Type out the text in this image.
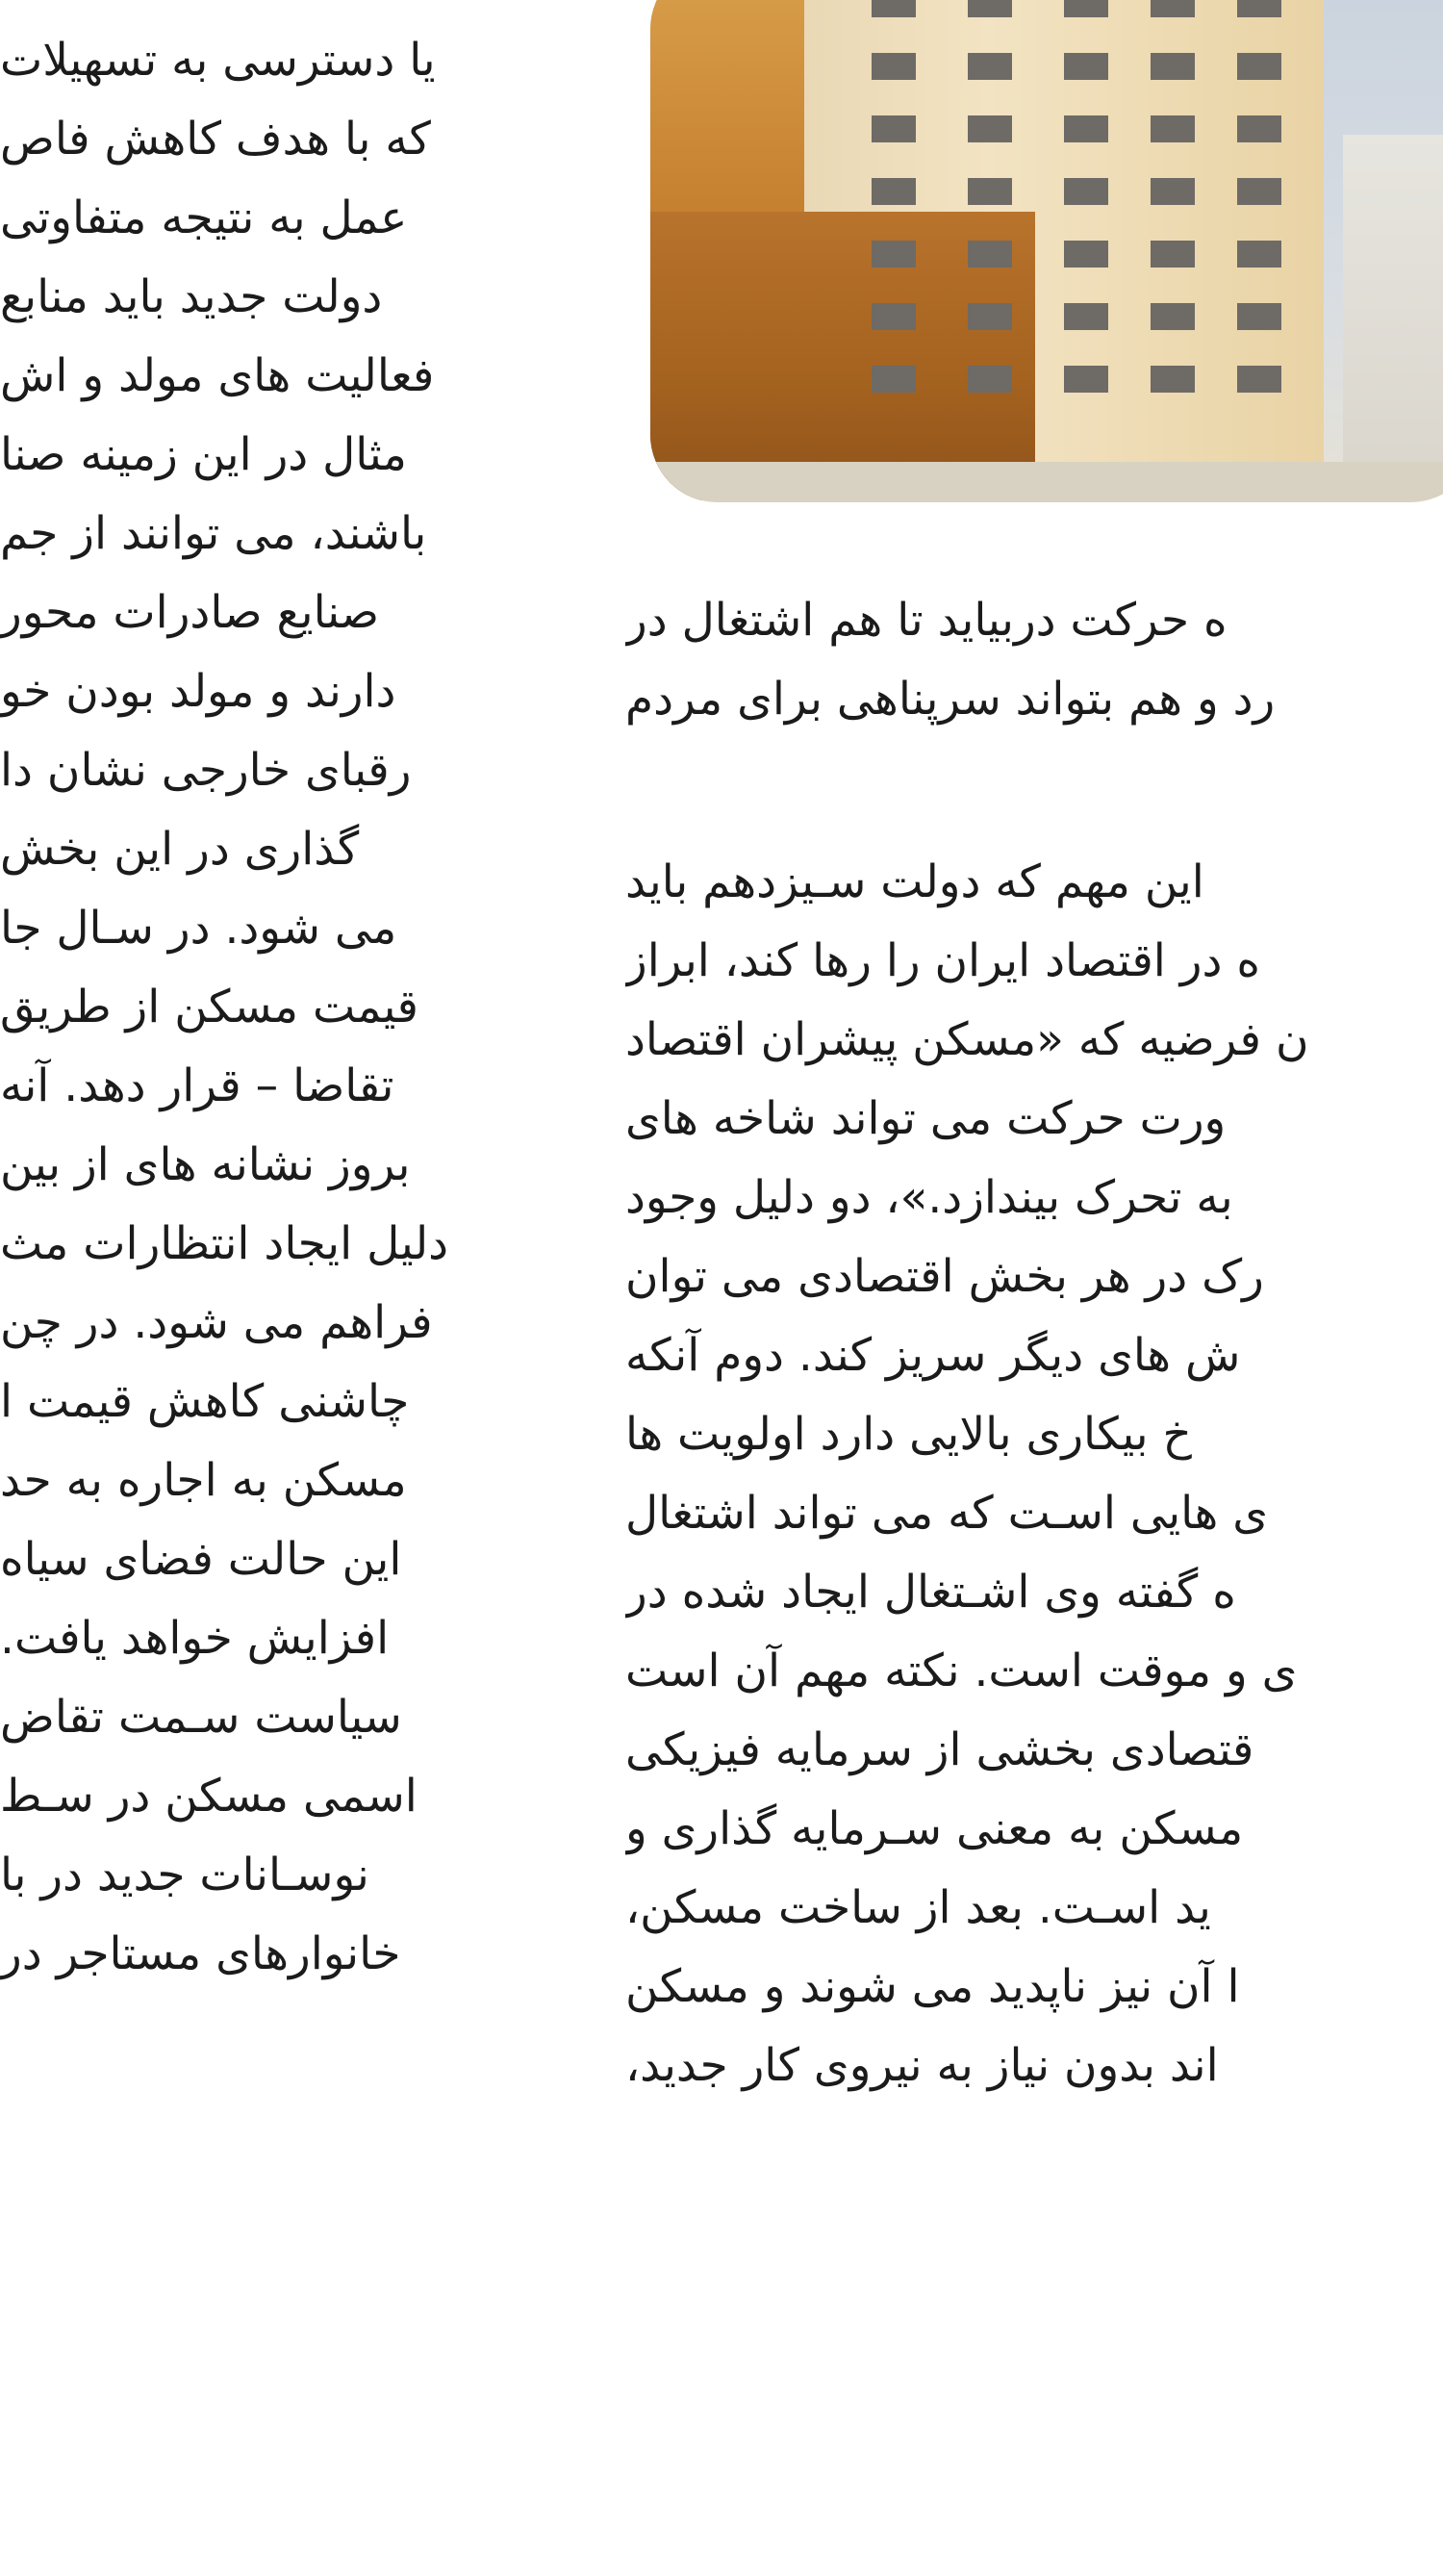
یا دسترسی به تسهیلات
که با هدف کاهش فاص
عمل به نتیجه متفاوتی
دولت جدید باید منابع
فعالیت های مولد و اش
مثال در این زمینه صنا
باشند، می توانند از جم
صنایع صادرات محور
دارند و مولد بودن خو
رقبای خارجی نشان دا
گذاری در این بخش
می شود. در سـال جا
قیمت مسکن از طریق
تقاضا – قرار دهد. آنه
بروز نشانه های از بین
دلیل ایجاد انتظارات مث
فراهم می شود. در چن
چاشنی کاهش قیمت ا
مسکن به اجاره به حد
این حالت فضای سیاه
افزایش خواهد یافت.
سیاست سـمت تقاض
اسمی مسکن در سـط
نوسـانات جدید در با
خانوارهای مستاجر در
ه حرکت دربیاید تا هم اشتغال در
رد و هم بتواند سرپناهی برای مردم
این مهم که دولت سـیزدهم باید
ه در اقتصاد ایران را رها کند، ابراز
ن فرضیه که «مسکن پیشران اقتصاد
ورت حرکت می تواند شاخه های
به تحرک بیندازد.»، دو دلیل وجود
رک در هر بخش اقتصادی می توان
ش های دیگر سریز کند. دوم آنکه
خ بیکاری بالایی دارد اولویت ها
ی هایی اسـت که می تواند اشتغال
ه گفته وی اشـتغال ایجاد شده در
ی و موقت است. نکته مهم آن است
قتصادی بخشی از سرمایه فیزیکی
مسکن به معنی سـرمایه گذاری و
ید اسـت. بعد از ساخت مسکن،
ا آن نیز ناپدید می شوند و مسکن
اند بدون نیاز به نیروی کار جدید،
